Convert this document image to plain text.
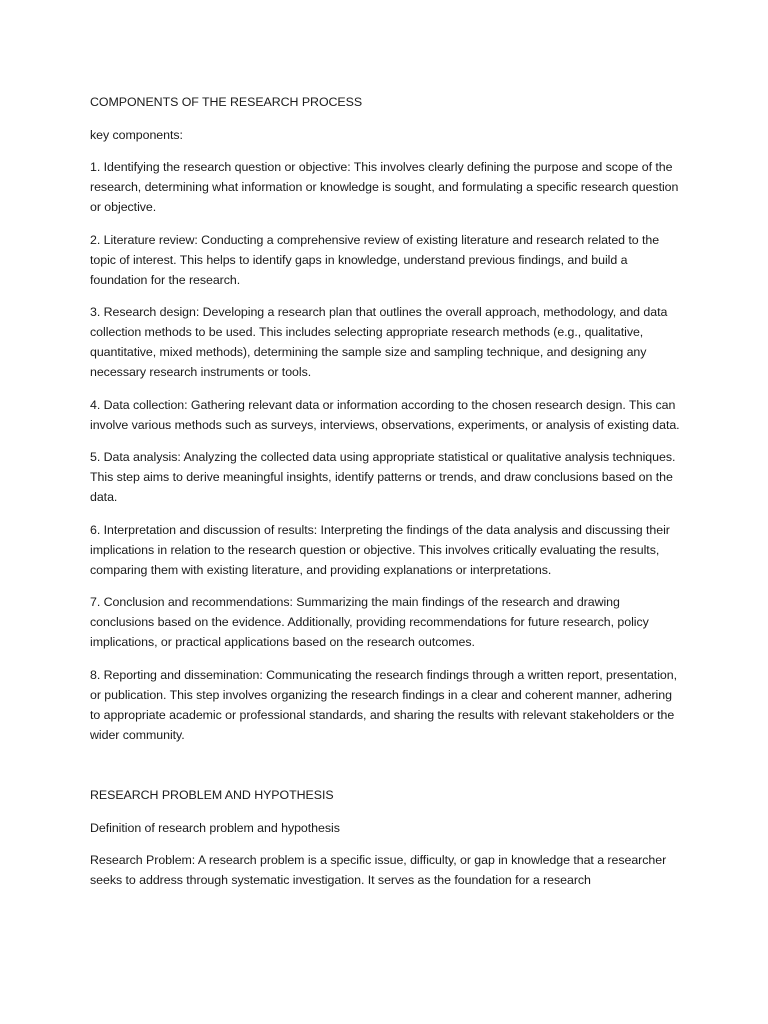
COMPONENTS OF THE RESEARCH PROCESS

key components:

1. Identifying the research question or objective: This involves clearly defining the purpose and scope of the research, determining what information or knowledge is sought, and formulating a specific research question or objective.

2. Literature review: Conducting a comprehensive review of existing literature and research related to the topic of interest. This helps to identify gaps in knowledge, understand previous findings, and build a foundation for the research.

3. Research design: Developing a research plan that outlines the overall approach, methodology, and data collection methods to be used. This includes selecting appropriate research methods (e.g., qualitative, quantitative, mixed methods), determining the sample size and sampling technique, and designing any necessary research instruments or tools.

4. Data collection: Gathering relevant data or information according to the chosen research design. This can involve various methods such as surveys, interviews, observations, experiments, or analysis of existing data.

5. Data analysis: Analyzing the collected data using appropriate statistical or qualitative analysis techniques. This step aims to derive meaningful insights, identify patterns or trends, and draw conclusions based on the data.

6. Interpretation and discussion of results: Interpreting the findings of the data analysis and discussing their implications in relation to the research question or objective. This involves critically evaluating the results, comparing them with existing literature, and providing explanations or interpretations.

7. Conclusion and recommendations: Summarizing the main findings of the research and drawing conclusions based on the evidence. Additionally, providing recommendations for future research, policy implications, or practical applications based on the research outcomes.

8. Reporting and dissemination: Communicating the research findings through a written report, presentation, or publication. This step involves organizing the research findings in a clear and coherent manner, adhering to appropriate academic or professional standards, and sharing the results with relevant stakeholders or the wider community.

RESEARCH PROBLEM AND HYPOTHESIS

Definition of research problem and hypothesis

Research Problem: A research problem is a specific issue, difficulty, or gap in knowledge that a researcher seeks to address through systematic investigation. It serves as the foundation for a research
